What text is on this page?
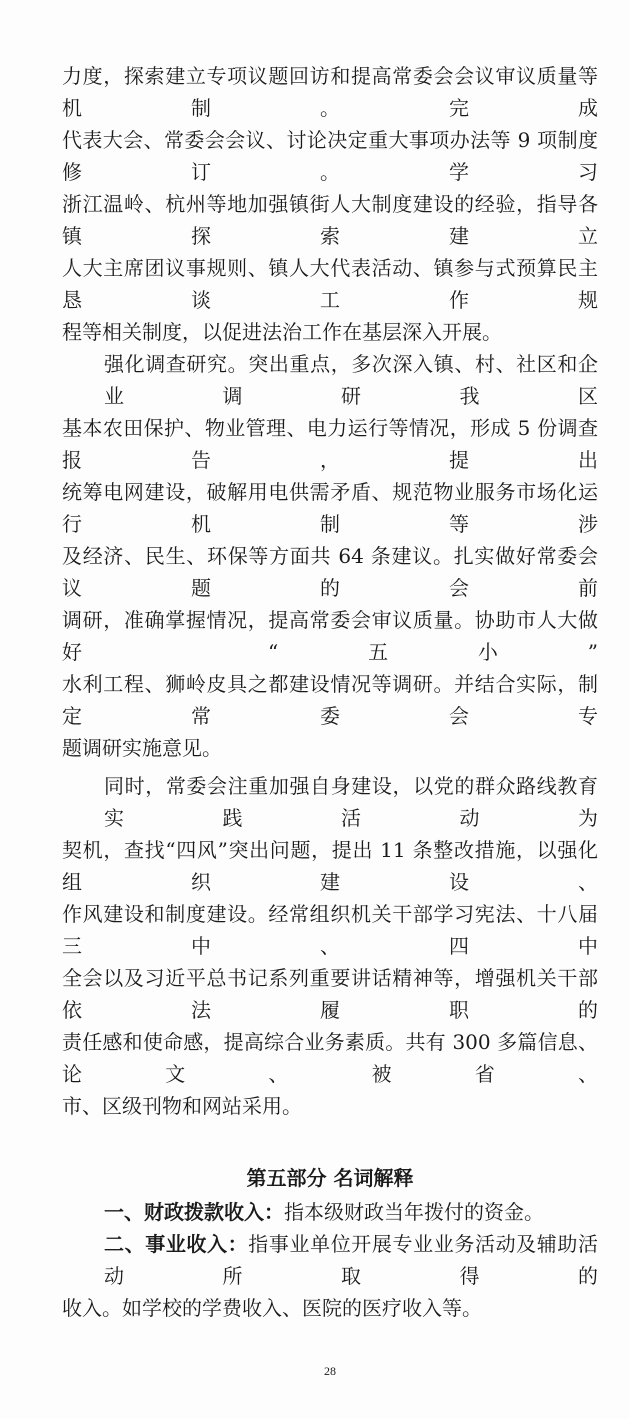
力度，探索建立专项议题回访和提高常委会会议审议质量等机制。完成
代表大会、常委会会议、讨论决定重大事项办法等 9 项制度修订。学习
浙江温岭、杭州等地加强镇街人大制度建设的经验，指导各镇探索建立
人大主席团议事规则、镇人大代表活动、镇参与式预算民主恳谈工作规
程等相关制度，以促进法治工作在基层深入开展。
强化调查研究。突出重点，多次深入镇、村、社区和企业调研我区
基本农田保护、物业管理、电力运行等情况，形成 5 份调查报告，提出
统筹电网建设，破解用电供需矛盾、规范物业服务市场化运行机制等涉
及经济、民生、环保等方面共 64 条建议。扎实做好常委会议题的会前
调研，准确掌握情况，提高常委会审议质量。协助市人大做好 “五小”
水利工程、狮岭皮具之都建设情况等调研。并结合实际，制定常委会专
题调研实施意见。
同时，常委会注重加强自身建设，以党的群众路线教育实践活动为
契机，查找“四风”突出问题，提出 11 条整改措施，以强化组织建设、
作风建设和制度建设。经常组织机关干部学习宪法、十八届三中、四中
全会以及习近平总书记系列重要讲话精神等，增强机关干部依法履职的
责任感和使命感，提高综合业务素质。共有 300 多篇信息、论文、被省、
市、区级刊物和网站采用。
第五部分 名词解释
一、财政拨款收入：指本级财政当年拨付的资金。
二、事业收入：指事业单位开展专业业务活动及辅助活动所取得的
收入。如学校的学费收入、医院的医疗收入等。
28
